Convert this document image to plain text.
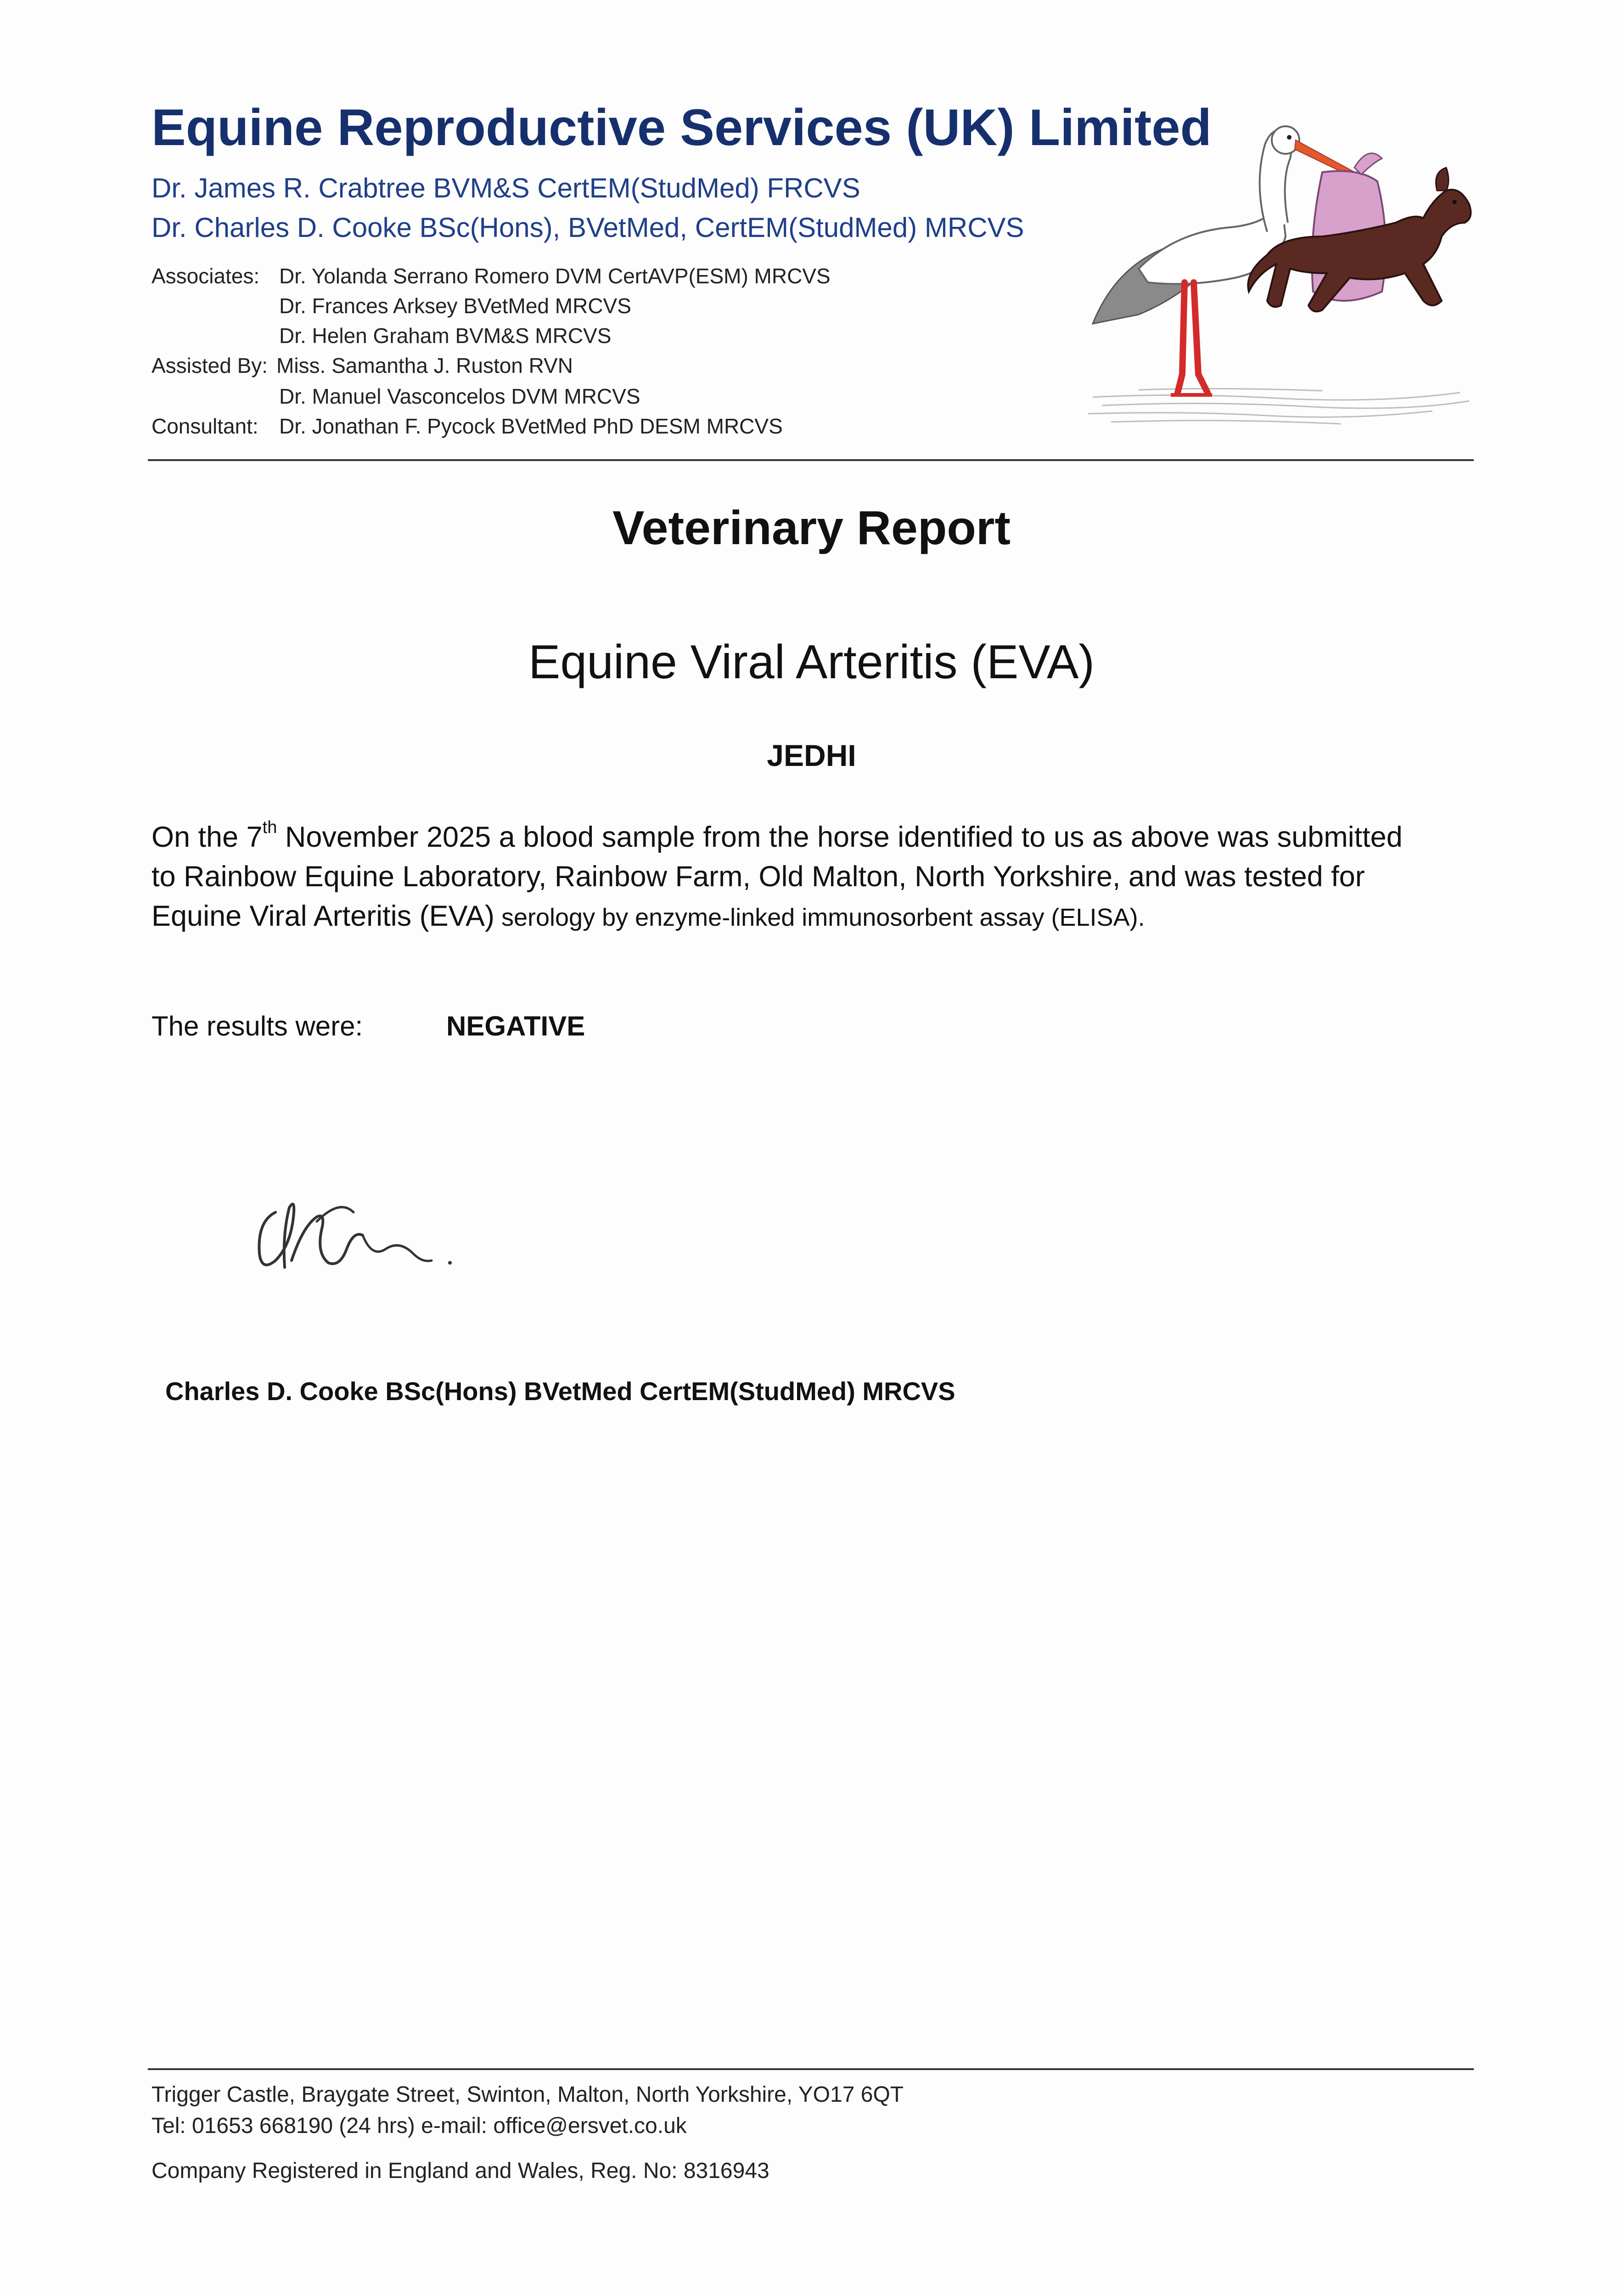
Equine Reproductive Services (UK) Limited
Dr. James R. Crabtree BVM&S CertEM(StudMed) FRCVS
Dr. Charles D. Cooke BSc(Hons), BVetMed, CertEM(StudMed) MRCVS
Associates: Dr. Yolanda Serrano Romero DVM CertAVP(ESM) MRCVS
Dr. Frances Arksey BVetMed MRCVS
Dr. Helen Graham BVM&S MRCVS
Assisted By: Miss. Samantha J. Ruston RVN
Dr. Manuel Vasconcelos DVM MRCVS
Consultant: Dr. Jonathan F. Pycock BVetMed PhD DESM MRCVS
Veterinary Report
Equine Viral Arteritis (EVA)
JEDHI
On the 7th November 2025 a blood sample from the horse identified to us as above was submitted
to Rainbow Equine Laboratory, Rainbow Farm, Old Malton, North Yorkshire, and was tested for
Equine Viral Arteritis (EVA) serology by enzyme-linked immunosorbent assay (ELISA).
The results were:	NEGATIVE
Charles D. Cooke BSc(Hons) BVetMed CertEM(StudMed) MRCVS
Trigger Castle, Braygate Street, Swinton, Malton, North Yorkshire, YO17 6QT
Tel: 01653 668190 (24 hrs) e-mail: office@ersvet.co.uk
Company Registered in England and Wales, Reg. No: 8316943
